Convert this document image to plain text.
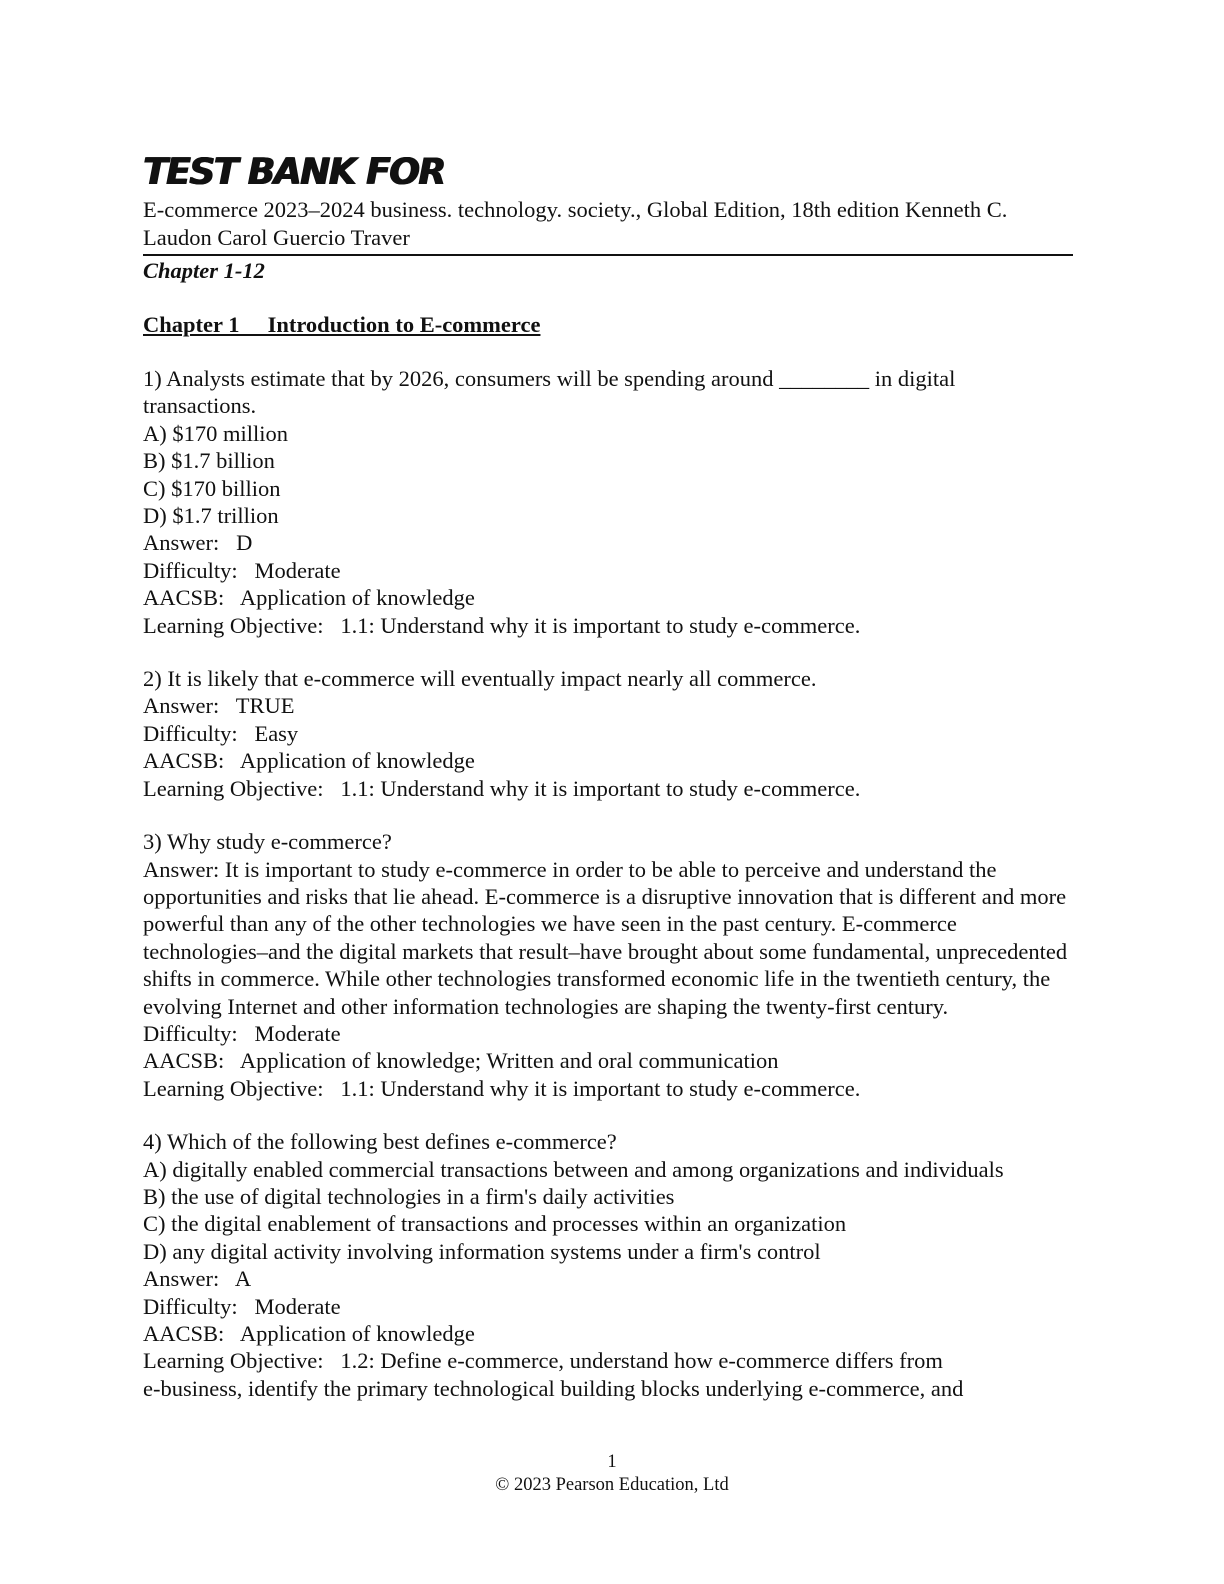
TEST BANK FOR
E-commerce 2023–2024 business. technology. society., Global Edition, 18th edition Kenneth C. Laudon Carol Guercio Traver
Chapter 1-12
Chapter 1     Introduction to E-commerce
1) Analysts estimate that by 2026, consumers will be spending around ________ in digital
transactions.
A) $170 million
B) $1.7 billion
C) $170 billion
D) $1.7 trillion
Answer:   D
Difficulty:   Moderate
AACSB:   Application of knowledge
Learning Objective:   1.1: Understand why it is important to study e-commerce.
2) It is likely that e-commerce will eventually impact nearly all commerce.
Answer:   TRUE
Difficulty:   Easy
AACSB:   Application of knowledge
Learning Objective:   1.1: Understand why it is important to study e-commerce.
3) Why study e-commerce?
Answer: It is important to study e-commerce in order to be able to perceive and understand the opportunities and risks that lie ahead. E-commerce is a disruptive innovation that is different and more powerful than any of the other technologies we have seen in the past century. E-commerce technologies–and the digital markets that result–have brought about some fundamental, unprecedented shifts in commerce. While other technologies transformed economic life in the twentieth century, the evolving Internet and other information technologies are shaping the twenty-first century.
Difficulty:   Moderate
AACSB:   Application of knowledge; Written and oral communication
Learning Objective:   1.1: Understand why it is important to study e-commerce.
4) Which of the following best defines e-commerce?
A) digitally enabled commercial transactions between and among organizations and individuals
B) the use of digital technologies in a firm's daily activities
C) the digital enablement of transactions and processes within an organization
D) any digital activity involving information systems under a firm's control
Answer:   A
Difficulty:   Moderate
AACSB:   Application of knowledge
Learning Objective:   1.2: Define e-commerce, understand how e-commerce differs from
e-business, identify the primary technological building blocks underlying e-commerce, and
1
© 2023 Pearson Education, Ltd
